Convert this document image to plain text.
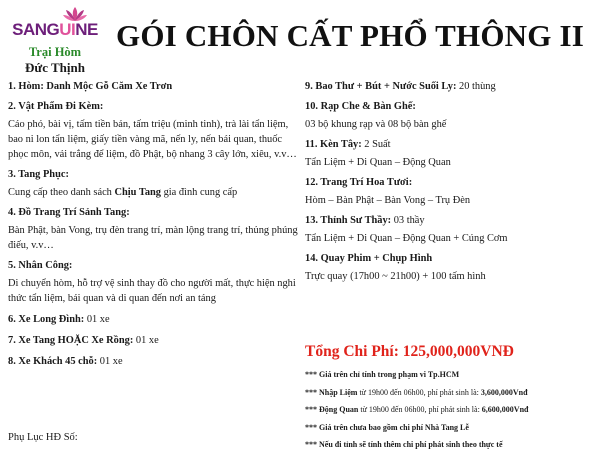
SANGUINE
Trại Hòm
Đức Thịnh
GÓI CHÔN CẤT PHỔ THÔNG II
1. Hòm: Danh Mộc Gỗ Căm Xe Trơn
2. Vật Phẩm Đi Kèm:
Cáo phó, bài vị, tấm tiền bản, tấm triệu (minh tinh), trà lài tẩn liệm, bao ni lon tẩn liệm, giấy tiền vàng mã, nến ly, nến bái quan, thuốc phọc môn, vải trắng để liệm, đồ Phật, bộ nhang 3 cây lớn, xiêu, v.v…
3. Tang Phục:
Cung cấp theo danh sách Chịu Tang gia đình cung cấp
4. Đồ Trang Trí Sảnh Tang:
Bàn Phật, bàn Vong, trụ đèn trang trí, màn lộng trang trí, thủng phúng điếu, v.v…
5. Nhân Công:
Di chuyển hòm, hỗ trợ vệ sinh thay đồ cho người mất, thực hiện nghi thức tẩn liệm, bái quan và di quan đến nơi an táng
6. Xe Long Đình: 01 xe
7. Xe Tang HOẶC Xe Rồng: 01 xe
8. Xe Khách 45 chỗ: 01 xe
9. Bao Thư + Bút + Nước Suối Ly: 20 thùng
10. Rạp Che & Bàn Ghế:
03 bộ khung rạp và 08 bộ bàn ghế
11. Kèn Tây: 2 Suất
Tẩn Liệm + Di Quan – Động Quan
12. Trang Trí Hoa Tươi:
Hòm – Bàn Phật – Bàn Vong – Trụ Đèn
13. Thỉnh Sư Thầy: 03 thầy
Tẩn Liệm + Di Quan – Động Quan + Cúng Cơm
14. Quay Phim + Chụp Hình
Trực quay (17h00 ~ 21h00) + 100 tấm hình
Tổng Chi Phí: 125,000,000VNĐ
*** Giá trên chỉ tính trong phạm vi Tp.HCM
*** Nhập Liệm từ 19h00 đến 06h00, phí phát sinh là: 3,600,000Vnđ
*** Động Quan từ 19h00 đến 06h00, phí phát sinh là: 6,600,000Vnđ
*** Giá trên chưa bao gồm chi phí Nhà Tang Lễ
*** Nếu đi tỉnh sẽ tính thêm chi phí phát sinh theo thực tế
Phụ Lục HĐ Số:
